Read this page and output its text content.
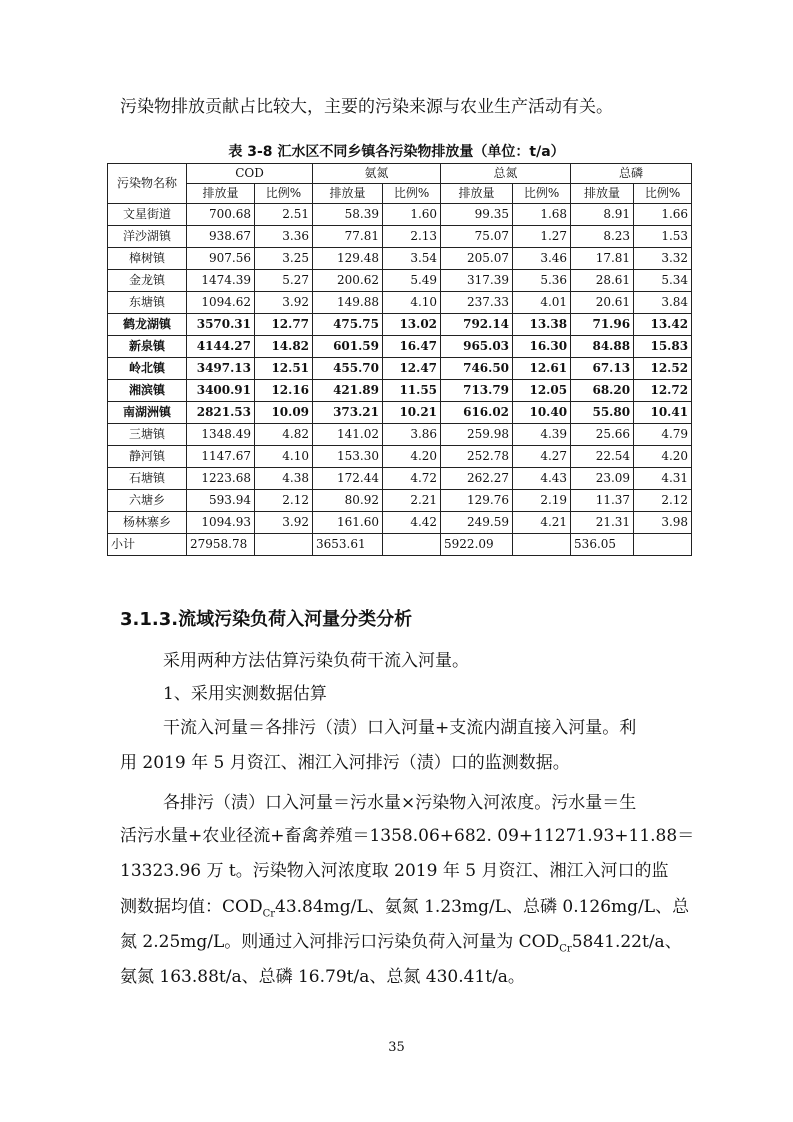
污染物排放贡献占比较大，主要的污染来源与农业生产活动有关。
表 3-8 汇水区不同乡镇各污染物排放量（单位：t/a）
污染物名称	COD		氨氮		总氮		总磷	
	排放量	比例%	排放量	比例%	排放量	比例%	排放量	比例%
文星街道	700.68	2.51	58.39	1.60	99.35	1.68	8.91	1.66
洋沙湖镇	938.67	3.36	77.81	2.13	75.07	1.27	8.23	1.53
樟树镇	907.56	3.25	129.48	3.54	205.07	3.46	17.81	3.32
金龙镇	1474.39	5.27	200.62	5.49	317.39	5.36	28.61	5.34
东塘镇	1094.62	3.92	149.88	4.10	237.33	4.01	20.61	3.84
鹤龙湖镇	3570.31	12.77	475.75	13.02	792.14	13.38	71.96	13.42
新泉镇	4144.27	14.82	601.59	16.47	965.03	16.30	84.88	15.83
岭北镇	3497.13	12.51	455.70	12.47	746.50	12.61	67.13	12.52
湘滨镇	3400.91	12.16	421.89	11.55	713.79	12.05	68.20	12.72
南湖洲镇	2821.53	10.09	373.21	10.21	616.02	10.40	55.80	10.41
三塘镇	1348.49	4.82	141.02	3.86	259.98	4.39	25.66	4.79
静河镇	1147.67	4.10	153.30	4.20	252.78	4.27	22.54	4.20
石塘镇	1223.68	4.38	172.44	4.72	262.27	4.43	23.09	4.31
六塘乡	593.94	2.12	80.92	2.21	129.76	2.19	11.37	2.12
杨林寨乡	1094.93	3.92	161.60	4.42	249.59	4.21	21.31	3.98
小计	27958.78		3653.61		5922.09		536.05	
3.1.3.流域污染负荷入河量分类分析
采用两种方法估算污染负荷干流入河量。
1、采用实测数据估算
干流入河量＝各排污（渍）口入河量+支流内湖直接入河量。利
用 2019 年 5 月资江、湘江入河排污（渍）口的监测数据。
各排污（渍）口入河量＝污水量×污染物入河浓度。污水量＝生
活污水量+农业径流+畜禽养殖＝1358.06+682. 09+11271.93+11.88＝
13323.96 万 t。污染物入河浓度取 2019 年 5 月资江、湘江入河口的监
测数据均值：$COD_{Cr}43.84mg/L$、氨氮 1.23mg/L、总磷 0.126mg/L、总
氮 2.25mg/L。则通过入河排污口污染负荷入河量为 $COD_{Cr}5841.22t/a$、
氨氮 163.88t/a、总磷 16.79t/a、总氮 430.41t/a。
35
